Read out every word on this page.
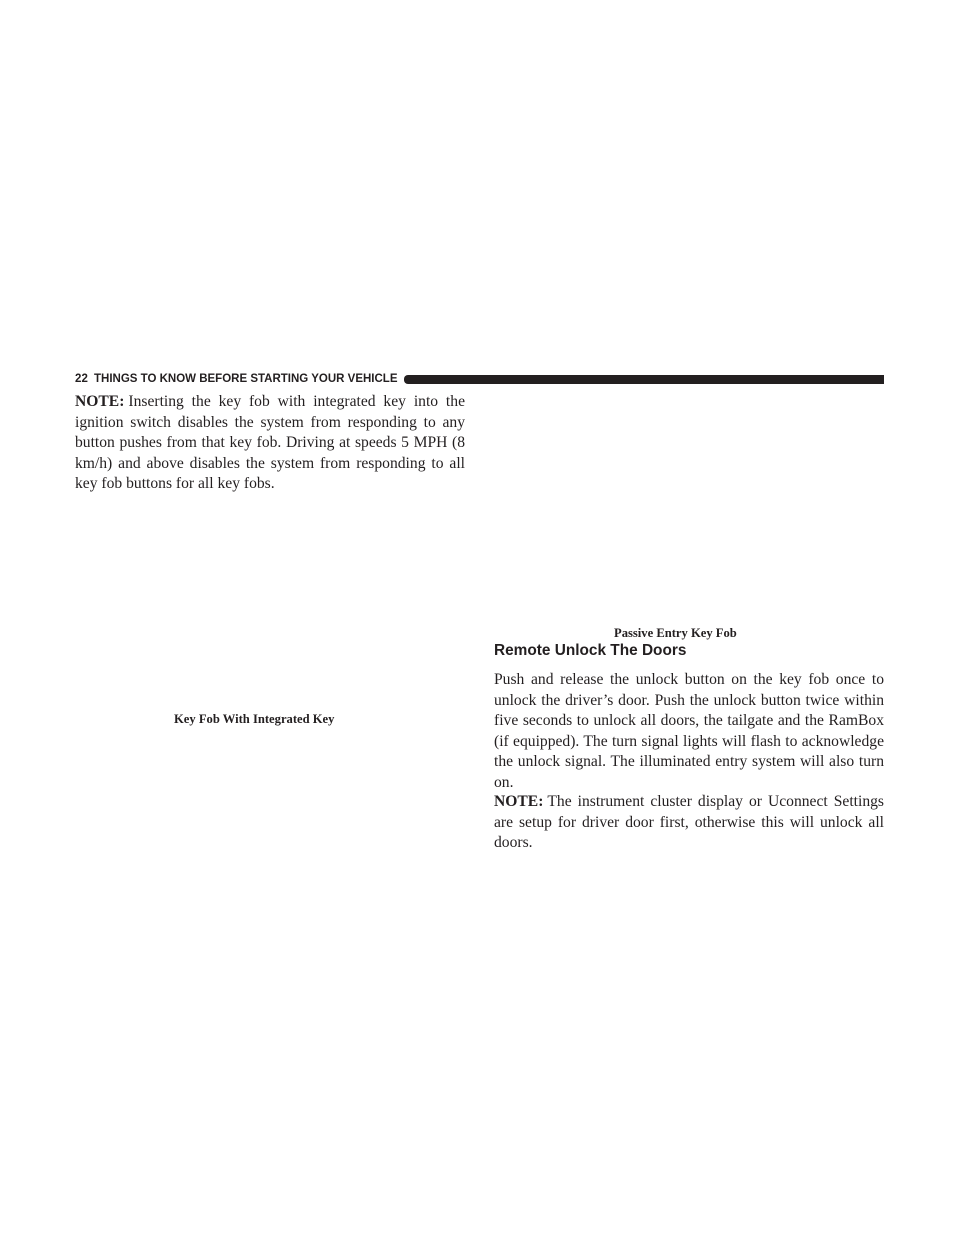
22 THINGS TO KNOW BEFORE STARTING YOUR VEHICLE

NOTE: Inserting the key fob with integrated key into the ignition switch disables the system from responding to any button pushes from that key fob. Driving at speeds 5 MPH (8 km/h) and above disables the system from responding to all key fob buttons for all key fobs.

Key Fob With Integrated Key
Passive Entry Key Fob
Remote Unlock The Doors

Push and release the unlock button on the key fob once to unlock the driver’s door. Push the unlock button twice within five seconds to unlock all doors, the tailgate and the RamBox (if equipped). The turn signal lights will flash to acknowledge the unlock signal. The illuminated entry system will also turn on.

NOTE: The instrument cluster display or Uconnect Settings are setup for driver door first, otherwise this will unlock all doors.
